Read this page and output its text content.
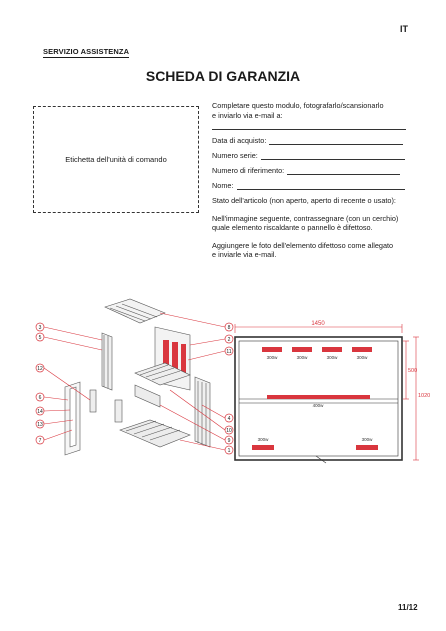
IT
SERVIZIO ASSISTENZA
SCHEDA DI GARANZIA
Etichetta dell'unità di comando

Completare questo modulo, fotografarlo/scansionarlo

e inviarlo via e-mail a:

Data di acquisto:
Numero serie:
Numero di riferimento:
Nome:

Stato dell'articolo (non aperto, aperto di recente o usato):

Nell'immagine seguente, contrassegnare (con un cerchio)

quale elemento riscaldante o pannello è difettoso.

Aggiungere le foto dell'elemento difettoso come allegato

e inviarle via e-mail.

3
5
12
6
14
13
7
8
2
11
4
10
9
1
1450
300w	300w	300w	300w
400w
300w	300w
500
1020
11/12
